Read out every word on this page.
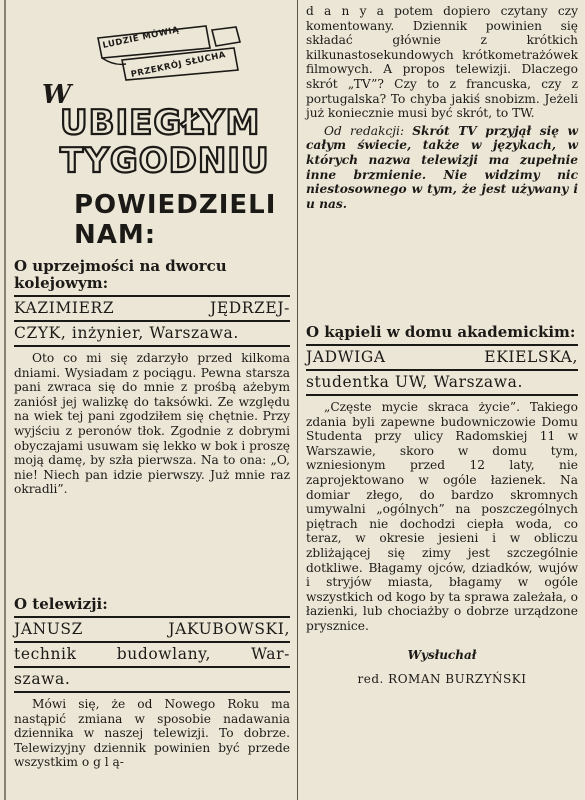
LUDZIE MÓWIĄ
PRZEKRÓJ SŁUCHA
W
UBIEGŁYM
TYGODNIU
POWIEDZIELI
NAM:

O uprzejmości na dworcu kolejowym:

KAZIMIERZ JĘDRZEJ-
CZYK, inżynier, Warszawa.

Oto co mi się zdarzyło przed kilkoma dniami. Wysiadam z pociągu. Pewna starsza pani zwraca się do mnie z prośbą ażebym zaniósł jej walizkę do taksówki. Ze względu na wiek tej pani zgodziłem się chętnie. Przy wyjściu z peronów tłok. Zgodnie z dobrymi obyczajami usuwam się lekko w bok i proszę moją damę, by szła pierwsza. Na to ona: „O, nie! Niech pan idzie pierwszy. Już mnie raz okradli”.

O telewizji:

JANUSZ JAKUBOWSKI,
technik budowlany, War-
szawa.

Mówi się, że od Nowego Roku ma nastąpić zmiana w sposobie nadawania dziennika w naszej telewizji. To dobrze. Telewizyjny dziennik powinien być przede wszystkim o g l ą-

d a n y a potem dopiero czytany czy komentowany. Dziennik powinien się składać głównie z krótkich kilkunastosekundowych krótkometrażówek filmowych. A propos telewizji. Dlaczego skrót „TV”? Czy to z francuska, czy z portugalska? To chyba jakiś snobizm. Jeżeli już koniecznie musi być skrót, to TW.

Od redakcji: Skrót TV przyjął się w całym świecie, także w językach, w których nazwa telewizji ma zupełnie inne brzmienie. Nie widzimy nic niestosownego w tym, że jest używany i u nas.

O kąpieli w domu akademickim:

JADWIGA EKIELSKA,
studentka UW, Warszawa.

„Częste mycie skraca życie”. Takiego zdania byli zapewne budowniczowie Domu Studenta przy ulicy Radomskiej 11 w Warszawie, skoro w domu tym, wzniesionym przed 12 laty, nie zaprojektowano w ogóle łazienek. Na domiar złego, do bardzo skromnych umywalni „ogólnych” na poszczególnych piętrach nie dochodzi ciepła woda, co teraz, w okresie jesieni i w obliczu zbliżającej się zimy jest szczególnie dotkliwe. Błagamy ojców, dziadków, wujów i stryjów miasta, błagamy w ogóle wszystkich od kogo by ta sprawa zależała, o łazienki, lub chociażby o dobrze urządzone prysznice.

Wysłuchał
red. ROMAN BURZYŃSKI
